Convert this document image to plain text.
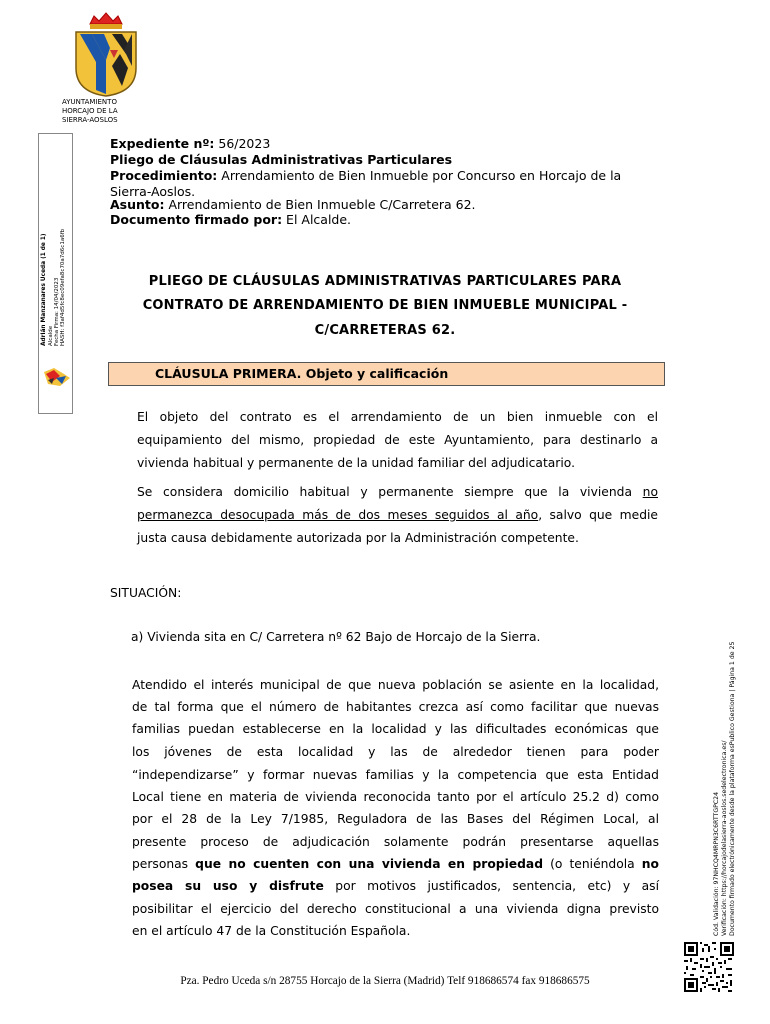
AYUNTAMIENTO
HORCAJO DE LA
SIERRA-AOSLOS
Adrián Manzanares Uceda (1 de 1) Alcalde Fecha Firma: 14/04/2023 HASH: f3af4d5fc8ec09efa8c70a7d6c1a6fb
Expediente nº: 56/2023
Pliego de Cláusulas Administrativas Particulares
Procedimiento: Arrendamiento de Bien Inmueble por Concurso en Horcajo de la
Sierra-Aoslos.
Asunto: Arrendamiento de Bien Inmueble C/Carretera 62.
Documento firmado por: El Alcalde.
PLIEGO DE CLÁUSULAS ADMINISTRATIVAS PARTICULARES PARA
CONTRATO DE ARRENDAMIENTO DE BIEN INMUEBLE MUNICIPAL -
C/CARRETERAS 62.
CLÁUSULA PRIMERA. Objeto y calificación
El objeto del contrato es el arrendamiento de un bien inmueble con el
equipamiento del mismo, propiedad de este Ayuntamiento, para destinarlo a
vivienda habitual y permanente de la unidad familiar del adjudicatario.
Se considera domicilio habitual y permanente siempre que la vivienda no
permanezca desocupada más de dos meses seguidos al año, salvo que medie
justa causa debidamente autorizada por la Administración competente.
SITUACIÓN:
a) Vivienda sita en C/ Carretera nº 62 Bajo de Horcajo de la Sierra.
Atendido el interés municipal de que nueva población se asiente en la localidad,
de tal forma que el número de habitantes crezca así como facilitar que nuevas
familias puedan establecerse en la localidad y las dificultades económicas que
los jóvenes de esta localidad y las de alrededor tienen para poder
“independizarse” y formar nuevas familias y la competencia que esta Entidad
Local tiene en materia de vivienda reconocida tanto por el artículo 25.2 d) como
por el 28 de la Ley 7/1985, Reguladora de las Bases del Régimen Local, al
presente proceso de adjudicación solamente podrán presentarse aquellas
personas que no cuenten con una vivienda en propiedad (o teniéndola no
posea su uso y disfrute por motivos justificados, sentencia, etc) y así
posibilitar el ejercicio del derecho constitucional a una vivienda digna previsto
en el artículo 47 de la Constitución Española.	Cód. Validación: 97NHCQ4MRPN3C6RTTGPC24 Verificación: https://horcajodelasierra-aoslos.sedelectronica.es/ Documento firmado electrónicamente desde la plataforma esPublico Gestiona | Página 1 de 25
Pza. Pedro Uceda s/n 28755 Horcajo de la Sierra (Madrid) Telf 918686574 fax 918686575
